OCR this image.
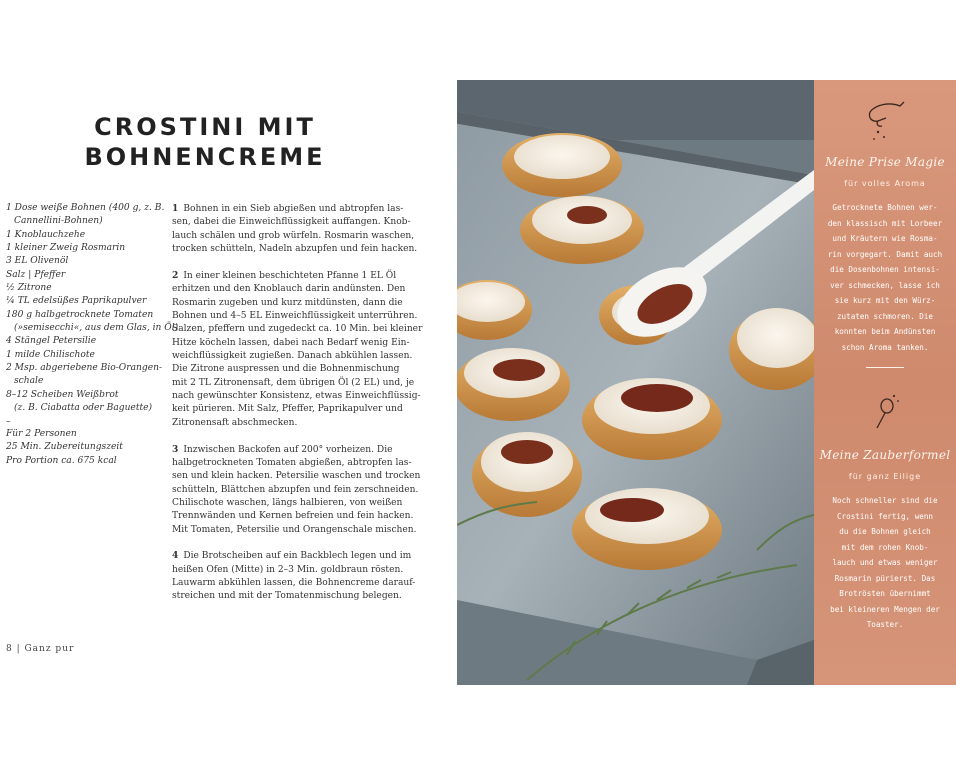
CROSTINI MIT
BOHNENCREME
1 Dose weiße Bohnen (400 g, z. B.
Cannellini-Bohnen)
1 Knoblauchzehe
1 kleiner Zweig Rosmarin
3 EL Olivenöl
Salz | Pfeffer
½ Zitrone
¼ TL edelsüßes Paprikapulver
180 g halbgetrocknete Tomaten
(»semisecchi«, aus dem Glas, in Öl)
4 Stängel Petersilie
1 milde Chilischote
2 Msp. abgeriebene Bio-Orangen-
schale
8–12 Scheiben Weißbrot
(z. B. Ciabatta oder Baguette)
–
Für 2 Personen
25 Min. Zubereitungszeit
Pro Portion ca. 675 kcal
1 Bohnen in ein Sieb abgießen und abtropfen las-
sen, dabei die Einweichflüssigkeit auffangen. Knob-
lauch schälen und grob würfeln. Rosmarin waschen,
trocken schütteln, Nadeln abzupfen und fein hacken.
2 In einer kleinen beschichteten Pfanne 1 EL Öl
erhitzen und den Knoblauch darin andünsten. Den
Rosmarin zugeben und kurz mitdünsten, dann die
Bohnen und 4–5 EL Einweichflüssigkeit unterrühren.
Salzen, pfeffern und zugedeckt ca. 10 Min. bei kleiner
Hitze köcheln lassen, dabei nach Bedarf wenig Ein-
weichflüssigkeit zugießen. Danach abkühlen lassen.
Die Zitrone auspressen und die Bohnenmischung
mit 2 TL Zitronensaft, dem übrigen Öl (2 EL) und, je
nach gewünschter Konsistenz, etwas Einweichflüssig-
keit pürieren. Mit Salz, Pfeffer, Paprikapulver und
Zitronensaft abschmecken.
3 Inzwischen Backofen auf 200° vorheizen. Die
halbgetrockneten Tomaten abgießen, abtropfen las-
sen und klein hacken. Petersilie waschen und trocken
schütteln, Blättchen abzupfen und fein zerschneiden.
Chilischote waschen, längs halbieren, von weißen
Trennwänden und Kernen befreien und fein hacken.
Mit Tomaten, Petersilie und Orangenschale mischen.
4 Die Brotscheiben auf ein Backblech legen und im
heißen Ofen (Mitte) in 2–3 Min. goldbraun rösten.
Lauwarm abkühlen lassen, die Bohnencreme darauf-
streichen und mit der Tomatenmischung belegen.
8 | Ganz pur
Meine Prise Magie
für volles Aroma
Getrocknete Bohnen wer-
den klassisch mit Lorbeer
und Kräutern wie Rosma-
rin vorgegart. Damit auch
die Dosenbohnen intensi-
ver schmecken, lasse ich
sie kurz mit den Würz-
zutaten schmoren. Die
konnten beim Andünsten
schon Aroma tanken.
Meine Zauberformel
für ganz Eilige
Noch schneller sind die
Crostini fertig, wenn
du die Bohnen gleich
mit dem rohen Knob-
lauch und etwas weniger
Rosmarin pürierst. Das
Brotrösten übernimmt
bei kleineren Mengen der
Toaster.
